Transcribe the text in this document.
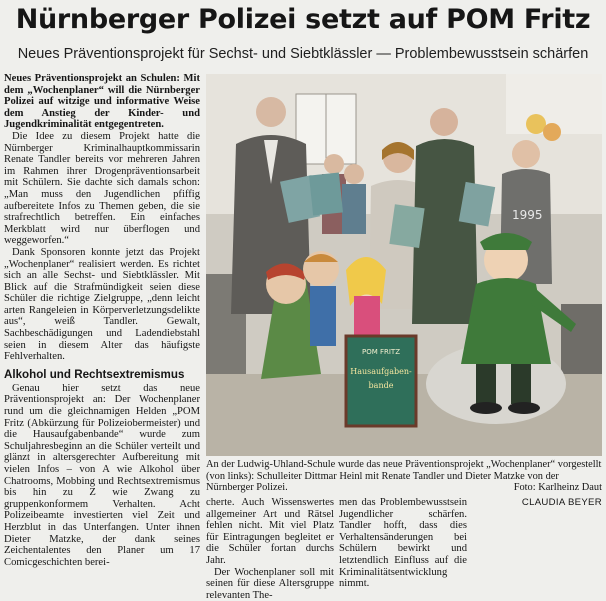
Nürnberger Polizei setzt auf POM Fritz

Neues Präventionsprojekt für Sechst- und Siebtklässler — Problembewusstsein schärfen

Neues Präventionsprojekt an Schulen: Mit dem „Wochenplaner“ will die Nürnberger Polizei auf witzige und informative Weise dem Anstieg der Kinder- und Jugendkriminalität entgegentreten.

Die Idee zu diesem Projekt hatte die Nürnberger Kriminalhauptkommissarin Renate Tandler bereits vor mehreren Jahren im Rahmen ihrer Drogenpräventionsarbeit mit Schülern. Sie dachte sich damals schon: „Man muss den Jugendlichen pfiffig aufbereitete Infos zu Themen geben, die sie strafrechtlich betreffen. Ein einfaches Merkblatt wird nur überflogen und weggeworfen.“

Dank Sponsoren konnte jetzt das Projekt „Wochenplaner“ realisiert werden. Es richtet sich an alle Sechst- und Siebtklässler. Mit Blick auf die Strafmündigkeit seien diese Schüler die richtige Zielgruppe, „denn leicht arten Rangeleien in Körperverletzungsdelikte aus“, weiß Tandler. Gewalt, Sachbeschädigungen und Ladendiebstahl seien in diesem Alter das häufigste Fehlverhalten.

Alkohol und Rechtsextremismus

Genau hier setzt das neue Präventionsprojekt an: Der Wochenplaner rund um die gleichnamigen Helden „POM Fritz (Abkürzung für Polizeiobermeister) und die Hausaufgabenbande“ wurde zum Schuljahresbeginn an die Schüler verteilt und glänzt in altersgerechter Aufbereitung mit vielen Infos – von A wie Alkohol über Chatrooms, Mobbing und Rechtsextremismus bis hin zu Z wie Zwang zu gruppenkonformem Verhalten. Acht Polizeibeamte investierten viel Zeit und Herzblut in das Unterfangen. Unter ihnen Dieter Matzke, der dank seines Zeichentalentes den Planer um 17 Comicgeschichten berei-

1995
POM FRITZ
Hausaufgaben-
bande
An der Ludwig-Uhland-Schule wurde das neue Präventionsprojekt „Wochenplaner“ vorgestellt (von links): Schulleiter Dittmar Heinl mit Renate Tandler und Dieter Matzke von der Nürnberger Polizei.	Foto: Karlheinz Daut

cherte. Auch Wissenswertes allgemeiner Art und Rätsel fehlen nicht. Mit viel Platz für Eintragungen begleitet er die Schüler fortan durchs Jahr.

Der Wochenplaner soll mit seinen für diese Altersgruppe relevanten The-

men das Problembewusstsein Jugendlicher schärfen. Tandler hofft, dass dies Verhaltensänderungen bei Schülern bewirkt und letztendlich Einfluss auf die Kriminalitätsentwicklung nimmt.

CLAUDIA BEYER
